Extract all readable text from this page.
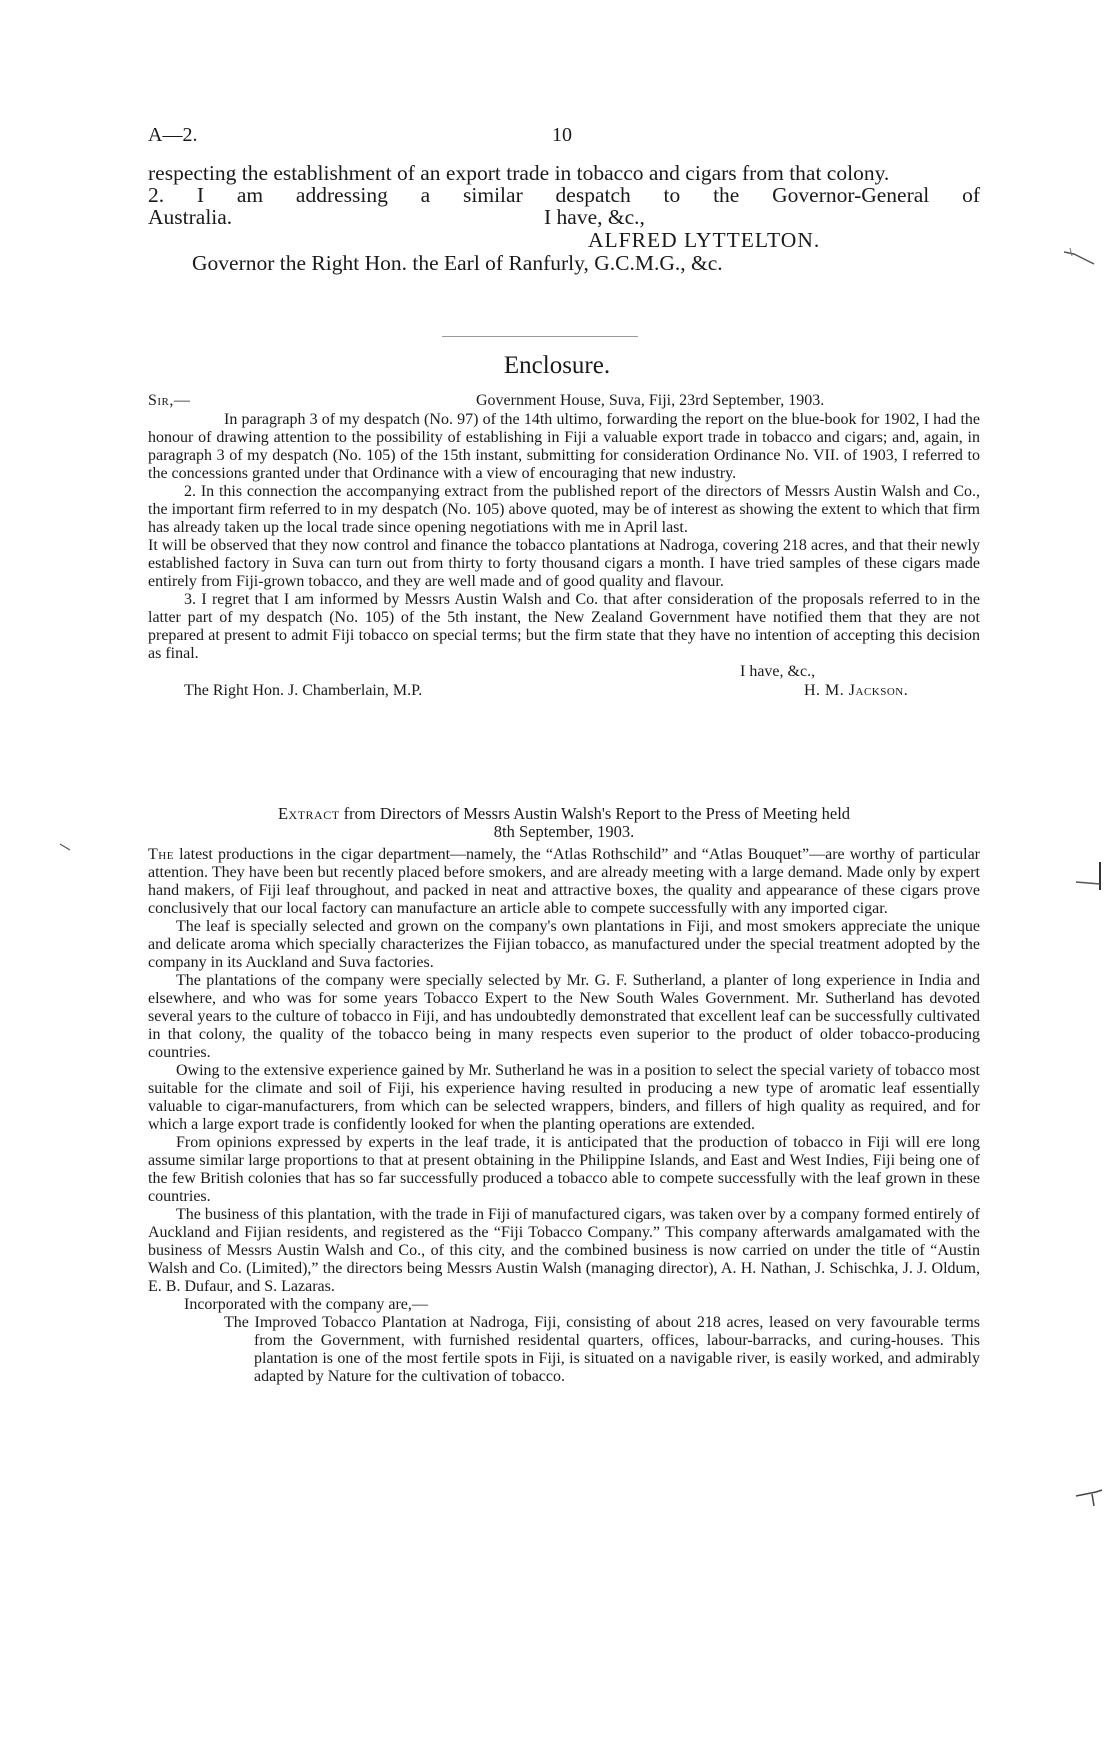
A—2.	10

respecting the establishment of an export trade in tobacco and cigars from that colony.

2. I am addressing a similar despatch to the Governor-General of

Australia.	I have, &c.,
ALFRED LYTTELTON.
Governor the Right Hon. the Earl of Ranfurly, G.C.M.G., &c.
Enclosure.
Sir,—	Government House, Suva, Fiji, 23rd September, 1903.

In paragraph 3 of my despatch (No. 97) of the 14th ultimo, forwarding the report on the blue-book for 1902, I had the honour of drawing attention to the possibility of establishing in Fiji a valuable export trade in tobacco and cigars; and, again, in paragraph 3 of my despatch (No. 105) of the 15th instant, submitting for consideration Ordinance No. VII. of 1903, I referred to the concessions granted under that Ordinance with a view of encouraging that new industry.

2. In this connection the accompanying extract from the published report of the directors of Messrs Austin Walsh and Co., the important firm referred to in my despatch (No. 105) above quoted, may be of interest as showing the extent to which that firm has already taken up the local trade since opening negotiations with me in April last.

It will be observed that they now control and finance the tobacco plantations at Nadroga, covering 218 acres, and that their newly established factory in Suva can turn out from thirty to forty thousand cigars a month. I have tried samples of these cigars made entirely from Fiji-grown tobacco, and they are well made and of good quality and flavour.

3. I regret that I am informed by Messrs Austin Walsh and Co. that after consideration of the proposals referred to in the latter part of my despatch (No. 105) of the 5th instant, the New Zealand Government have notified them that they are not prepared at present to admit Fiji tobacco on special terms; but the firm state that they have no intention of accepting this decision as final.

I have, &c.,
The Right Hon. J. Chamberlain, M.P.	H. M. Jackson.
Extract from Directors of Messrs Austin Walsh's Report to the Press of Meeting held
8th September, 1903.

The latest productions in the cigar department—namely, the “Atlas Rothschild” and “Atlas Bouquet”—are worthy of particular attention. They have been but recently placed before smokers, and are already meeting with a large demand. Made only by expert hand makers, of Fiji leaf throughout, and packed in neat and attractive boxes, the quality and appearance of these cigars prove conclusively that our local factory can manufacture an article able to compete successfully with any imported cigar.

The leaf is specially selected and grown on the company's own plantations in Fiji, and most smokers appreciate the unique and delicate aroma which specially characterizes the Fijian tobacco, as manufactured under the special treatment adopted by the company in its Auckland and Suva factories.

The plantations of the company were specially selected by Mr. G. F. Sutherland, a planter of long experience in India and elsewhere, and who was for some years Tobacco Expert to the New South Wales Government. Mr. Sutherland has devoted several years to the culture of tobacco in Fiji, and has undoubtedly demonstrated that excellent leaf can be successfully cultivated in that colony, the quality of the tobacco being in many respects even superior to the product of older tobacco-producing countries.

Owing to the extensive experience gained by Mr. Sutherland he was in a position to select the special variety of tobacco most suitable for the climate and soil of Fiji, his experience having resulted in producing a new type of aromatic leaf essentially valuable to cigar-manufacturers, from which can be selected wrappers, binders, and fillers of high quality as required, and for which a large export trade is confidently looked for when the planting operations are extended.

From opinions expressed by experts in the leaf trade, it is anticipated that the production of tobacco in Fiji will ere long assume similar large proportions to that at present obtaining in the Philippine Islands, and East and West Indies, Fiji being one of the few British colonies that has so far successfully produced a tobacco able to compete successfully with the leaf grown in these countries.

The business of this plantation, with the trade in Fiji of manufactured cigars, was taken over by a company formed entirely of Auckland and Fijian residents, and registered as the “Fiji Tobacco Company.” This company afterwards amalgamated with the business of Messrs Austin Walsh and Co., of this city, and the combined business is now carried on under the title of “Austin Walsh and Co. (Limited),” the directors being Messrs Austin Walsh (managing director), A. H. Nathan, J. Schischka, J. J. Oldum, E. B. Dufaur, and S. Lazaras.

Incorporated with the company are,—

The Improved Tobacco Plantation at Nadroga, Fiji, consisting of about 218 acres, leased on very favourable terms from the Government, with furnished residental quarters, offices, labour-barracks, and curing-houses. This plantation is one of the most fertile spots in Fiji, is situated on a navigable river, is easily worked, and admirably adapted by Nature for the cultivation of tobacco.
